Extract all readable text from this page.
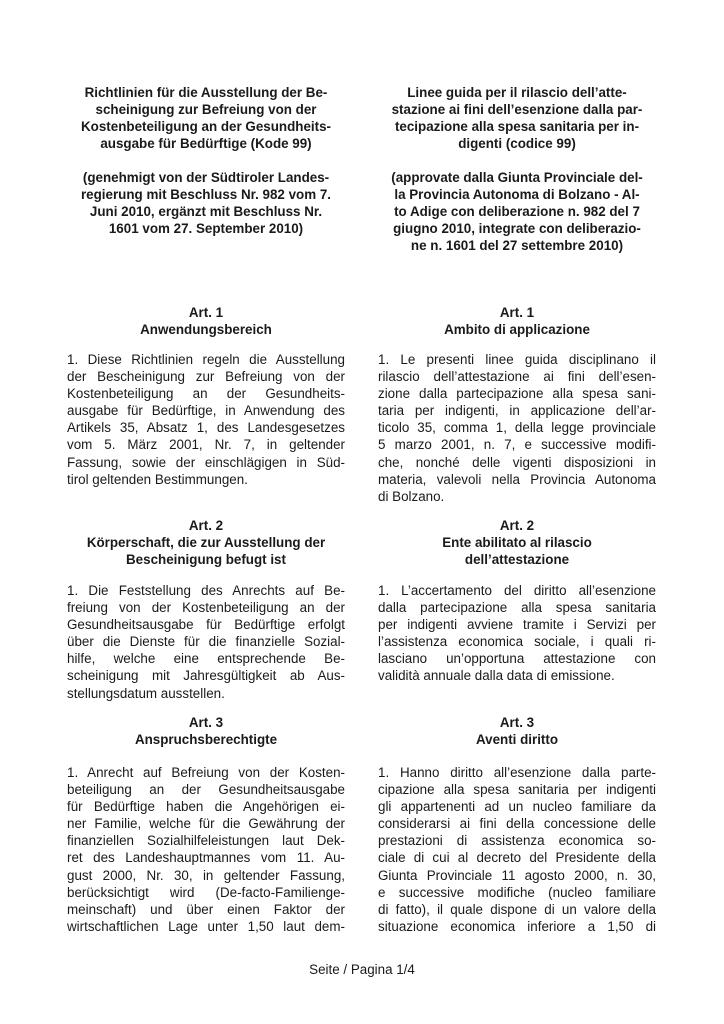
Richtlinien für die Ausstellung der Be-
scheinigung zur Befreiung von der
Kostenbeteiligung an der Gesundheits-
ausgabe für Bedürftige (Kode 99)
(genehmigt von der Südtiroler Landes-
regierung mit Beschluss Nr. 982 vom 7.
Juni 2010, ergänzt mit Beschluss Nr.
1601 vom 27. September 2010)
Art. 1
Anwendungsbereich
1. Diese Richtlinien regeln die Ausstellung
der Bescheinigung zur Befreiung von der
Kostenbeteiligung an der Gesundheits-
ausgabe für Bedürftige, in Anwendung des
Artikels 35, Absatz 1, des Landesgesetzes
vom 5. März 2001, Nr. 7, in geltender
Fassung, sowie der einschlägigen in Süd-
tirol geltenden Bestimmungen.
Art. 2
Körperschaft, die zur Ausstellung der
Bescheinigung befugt ist
1. Die Feststellung des Anrechts auf Be-
freiung von der Kostenbeteiligung an der
Gesundheitsausgabe für Bedürftige erfolgt
über die Dienste für die finanzielle Sozial-
hilfe, welche eine entsprechende Be-
scheinigung mit Jahresgültigkeit ab Aus-
stellungsdatum ausstellen.
Art. 3
Anspruchsberechtigte
1. Anrecht auf Befreiung von der Kosten-
beteiligung an der Gesundheitsausgabe
für Bedürftige haben die Angehörigen ei-
ner Familie, welche für die Gewährung der
finanziellen Sozialhilfeleistungen laut Dek-
ret des Landeshauptmannes vom 11. Au-
gust 2000, Nr. 30, in geltender Fassung,
berücksichtigt wird (De-facto-Familienge-
meinschaft) und über einen Faktor der
wirtschaftlichen Lage unter 1,50 laut dem-
Linee guida per il rilascio dell’atte-
stazione ai fini dell’esenzione dalla par-
tecipazione alla spesa sanitaria per in-
digenti (codice 99)
(approvate dalla Giunta Provinciale del-
la Provincia Autonoma di Bolzano - Al-
to Adige con deliberazione n. 982 del 7
giugno 2010, integrate con deliberazio-
ne n. 1601 del 27 settembre 2010)
Art. 1
Ambito di applicazione
1. Le presenti linee guida disciplinano il
rilascio dell’attestazione ai fini dell’esen-
zione dalla partecipazione alla spesa sani-
taria per indigenti, in applicazione dell’ar-
ticolo 35, comma 1, della legge provinciale
5 marzo 2001, n. 7, e successive modifi-
che, nonché delle vigenti disposizioni in
materia, valevoli nella Provincia Autonoma
di Bolzano.
Art. 2
Ente abilitato al rilascio
dell’attestazione
1. L’accertamento del diritto all’esenzione
dalla partecipazione alla spesa sanitaria
per indigenti avviene tramite i Servizi per
l’assistenza economica sociale, i quali ri-
lasciano un’opportuna attestazione con
validità annuale dalla data di emissione.
Art. 3
Aventi diritto
1. Hanno diritto all’esenzione dalla parte-
cipazione alla spesa sanitaria per indigenti
gli appartenenti ad un nucleo familiare da
considerarsi ai fini della concessione delle
prestazioni di assistenza economica so-
ciale di cui al decreto del Presidente della
Giunta Provinciale 11 agosto 2000, n. 30,
e successive modifiche (nucleo familiare
di fatto), il quale dispone di un valore della
situazione economica inferiore a 1,50 di
Seite / Pagina 1/4
